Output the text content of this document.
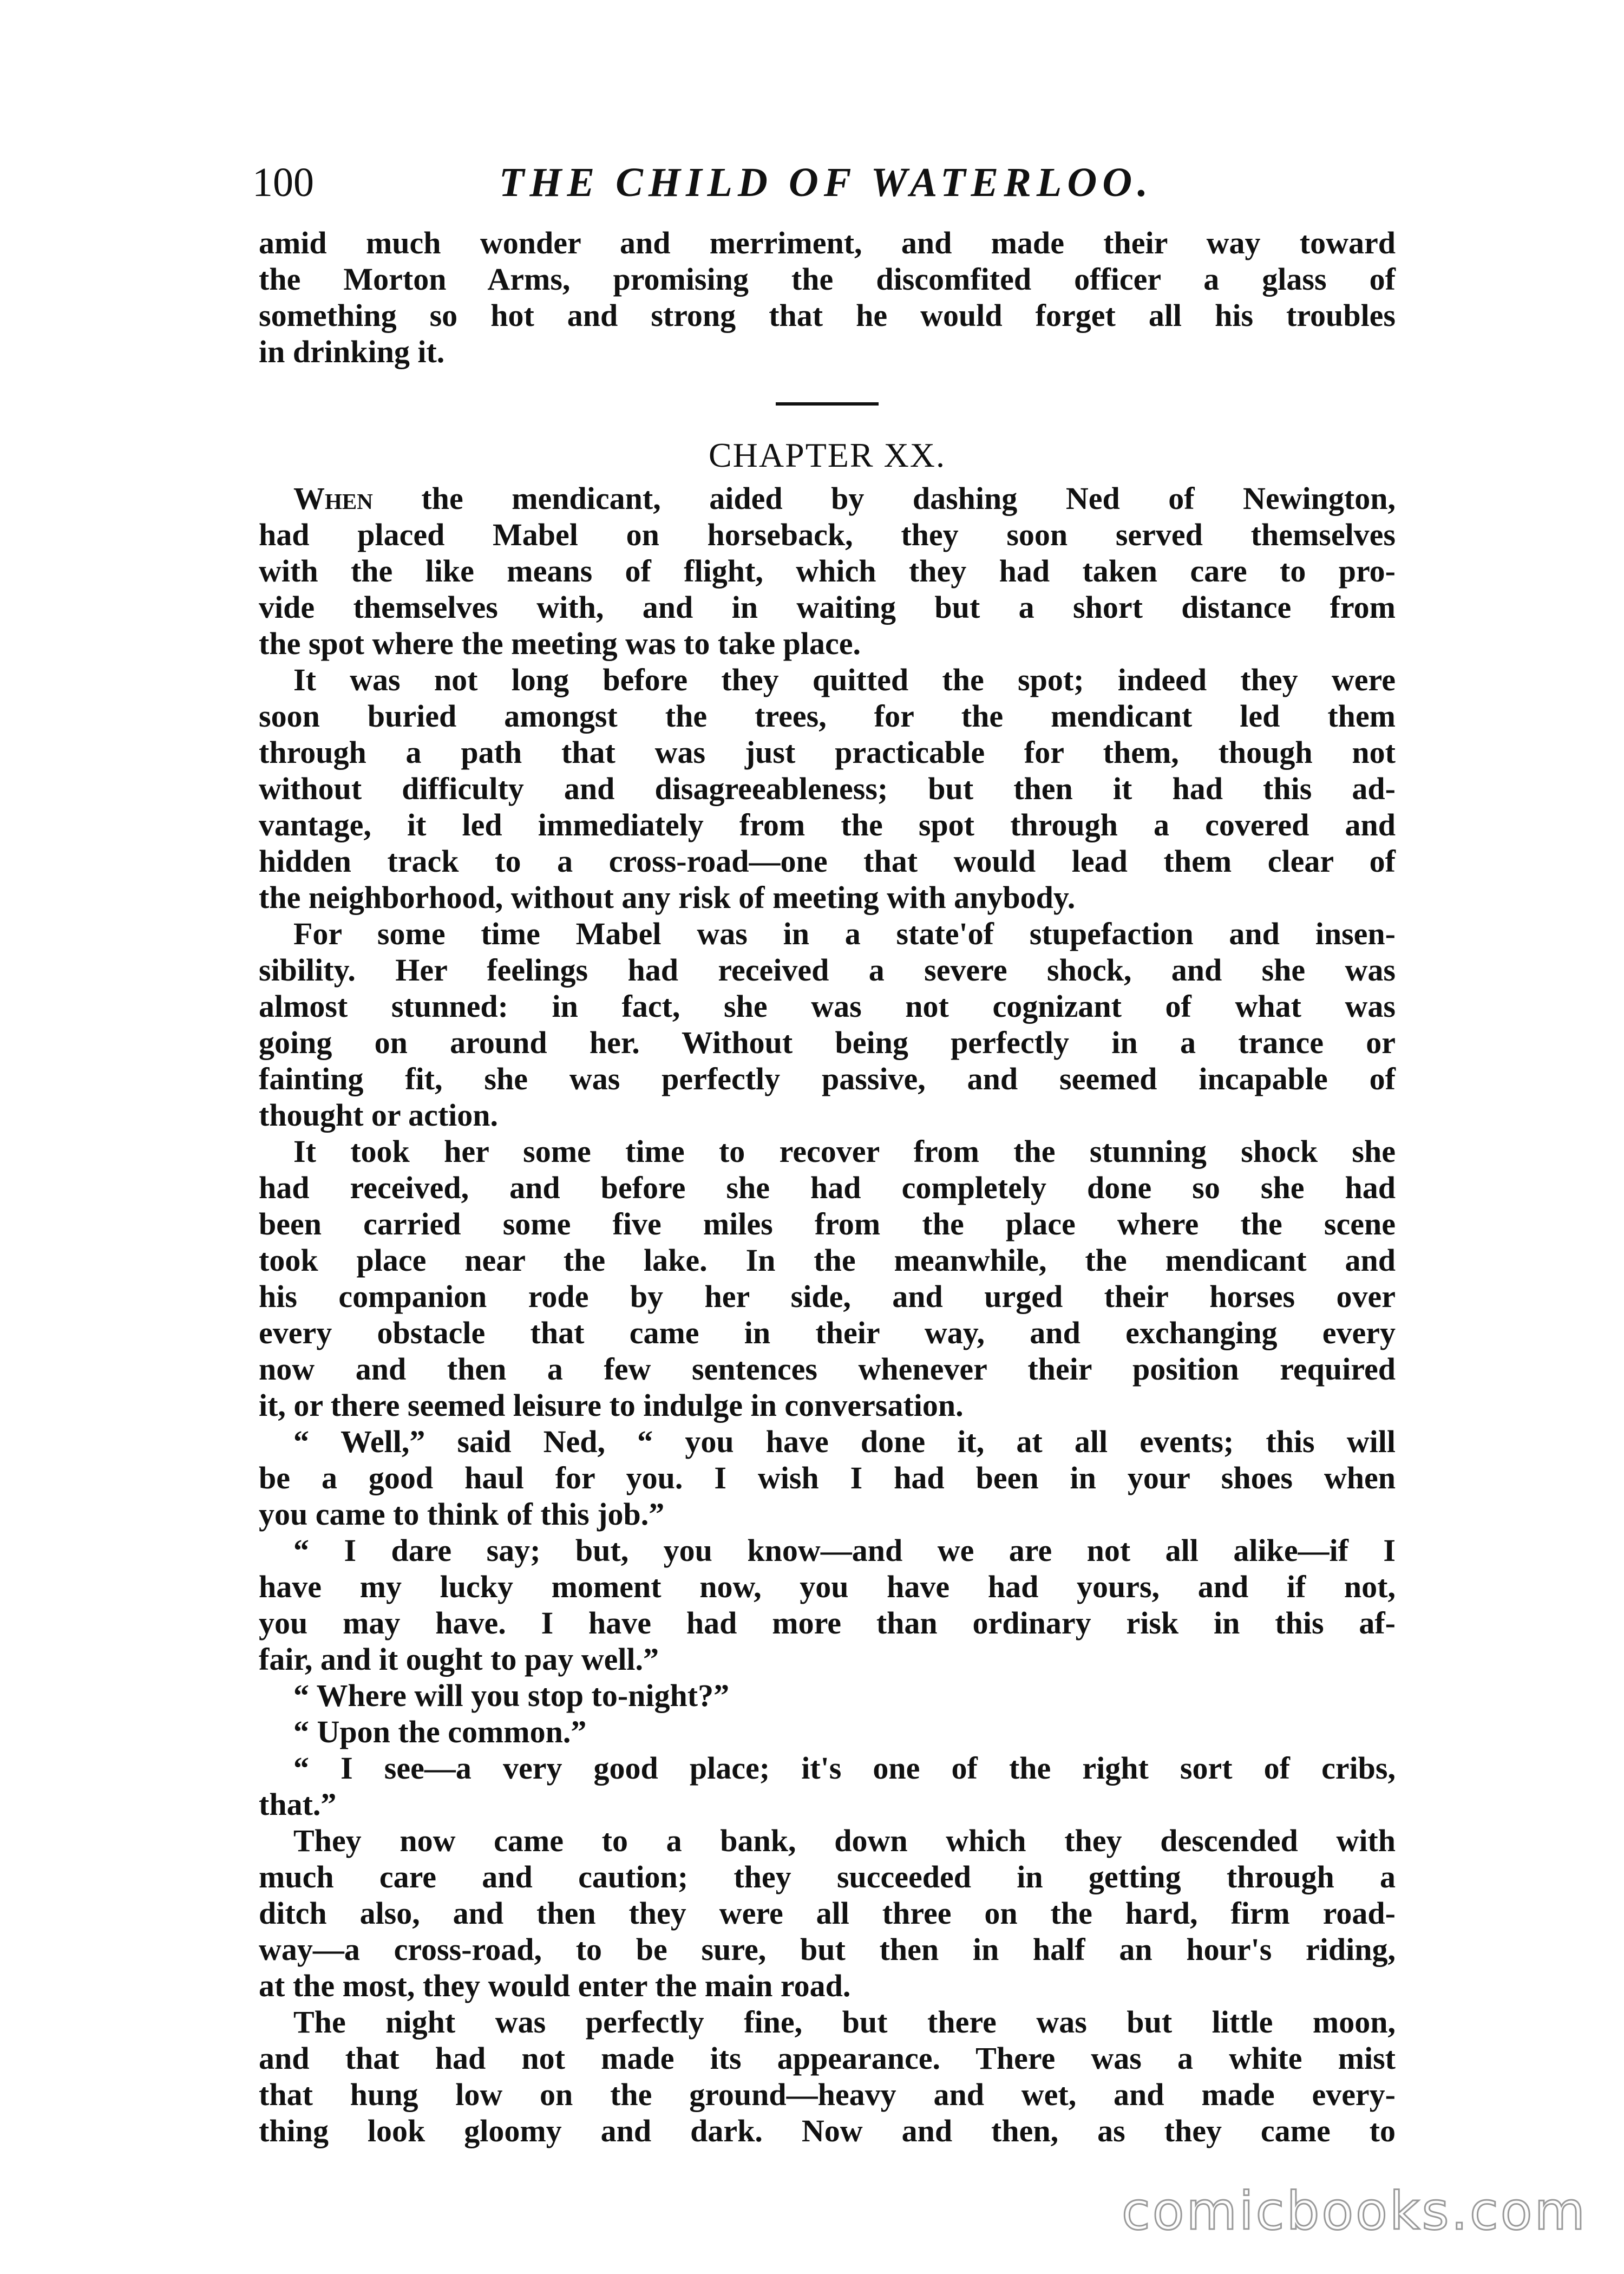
100	THE CHILD OF WATERLOO.
amid much wonder and merriment, and made their way toward
the Morton Arms, promising the discomfited officer a glass of
something so hot and strong that he would forget all his troubles
in drinking it.
CHAPTER XX.
When the mendicant, aided by dashing Ned of Newington,
had placed Mabel on horseback, they soon served themselves
with the like means of flight, which they had taken care to pro-
vide themselves with, and in waiting but a short distance from
the spot where the meeting was to take place.
It was not long before they quitted the spot; indeed they were
soon buried amongst the trees, for the mendicant led them
through a path that was just practicable for them, though not
without difficulty and disagreeableness; but then it had this ad-
vantage, it led immediately from the spot through a covered and
hidden track to a cross-road—one that would lead them clear of
the neighborhood, without any risk of meeting with anybody.
For some time Mabel was in a state'of stupefaction and insen-
sibility. Her feelings had received a severe shock, and she was
almost stunned: in fact, she was not cognizant of what was
going on around her. Without being perfectly in a trance or
fainting fit, she was perfectly passive, and seemed incapable of
thought or action.
It took her some time to recover from the stunning shock she
had received, and before she had completely done so she had
been carried some five miles from the place where the scene
took place near the lake. In the meanwhile, the mendicant and
his companion rode by her side, and urged their horses over
every obstacle that came in their way, and exchanging every
now and then a few sentences whenever their position required
it, or there seemed leisure to indulge in conversation.
“ Well,” said Ned, “ you have done it, at all events; this will
be a good haul for you. I wish I had been in your shoes when
you came to think of this job.”
“ I dare say; but, you know—and we are not all alike—if I
have my lucky moment now, you have had yours, and if not,
you may have. I have had more than ordinary risk in this af-
fair, and it ought to pay well.”
“ Where will you stop to-night?”
“ Upon the common.”
“ I see—a very good place; it's one of the right sort of cribs,
that.”
They now came to a bank, down which they descended with
much care and caution; they succeeded in getting through a
ditch also, and then they were all three on the hard, firm road-
way—a cross-road, to be sure, but then in half an hour's riding,
at the most, they would enter the main road.
The night was perfectly fine, but there was but little moon,
and that had not made its appearance. There was a white mist
that hung low on the ground—heavy and wet, and made every-
thing look gloomy and dark. Now and then, as they came to
comicbooks.com
